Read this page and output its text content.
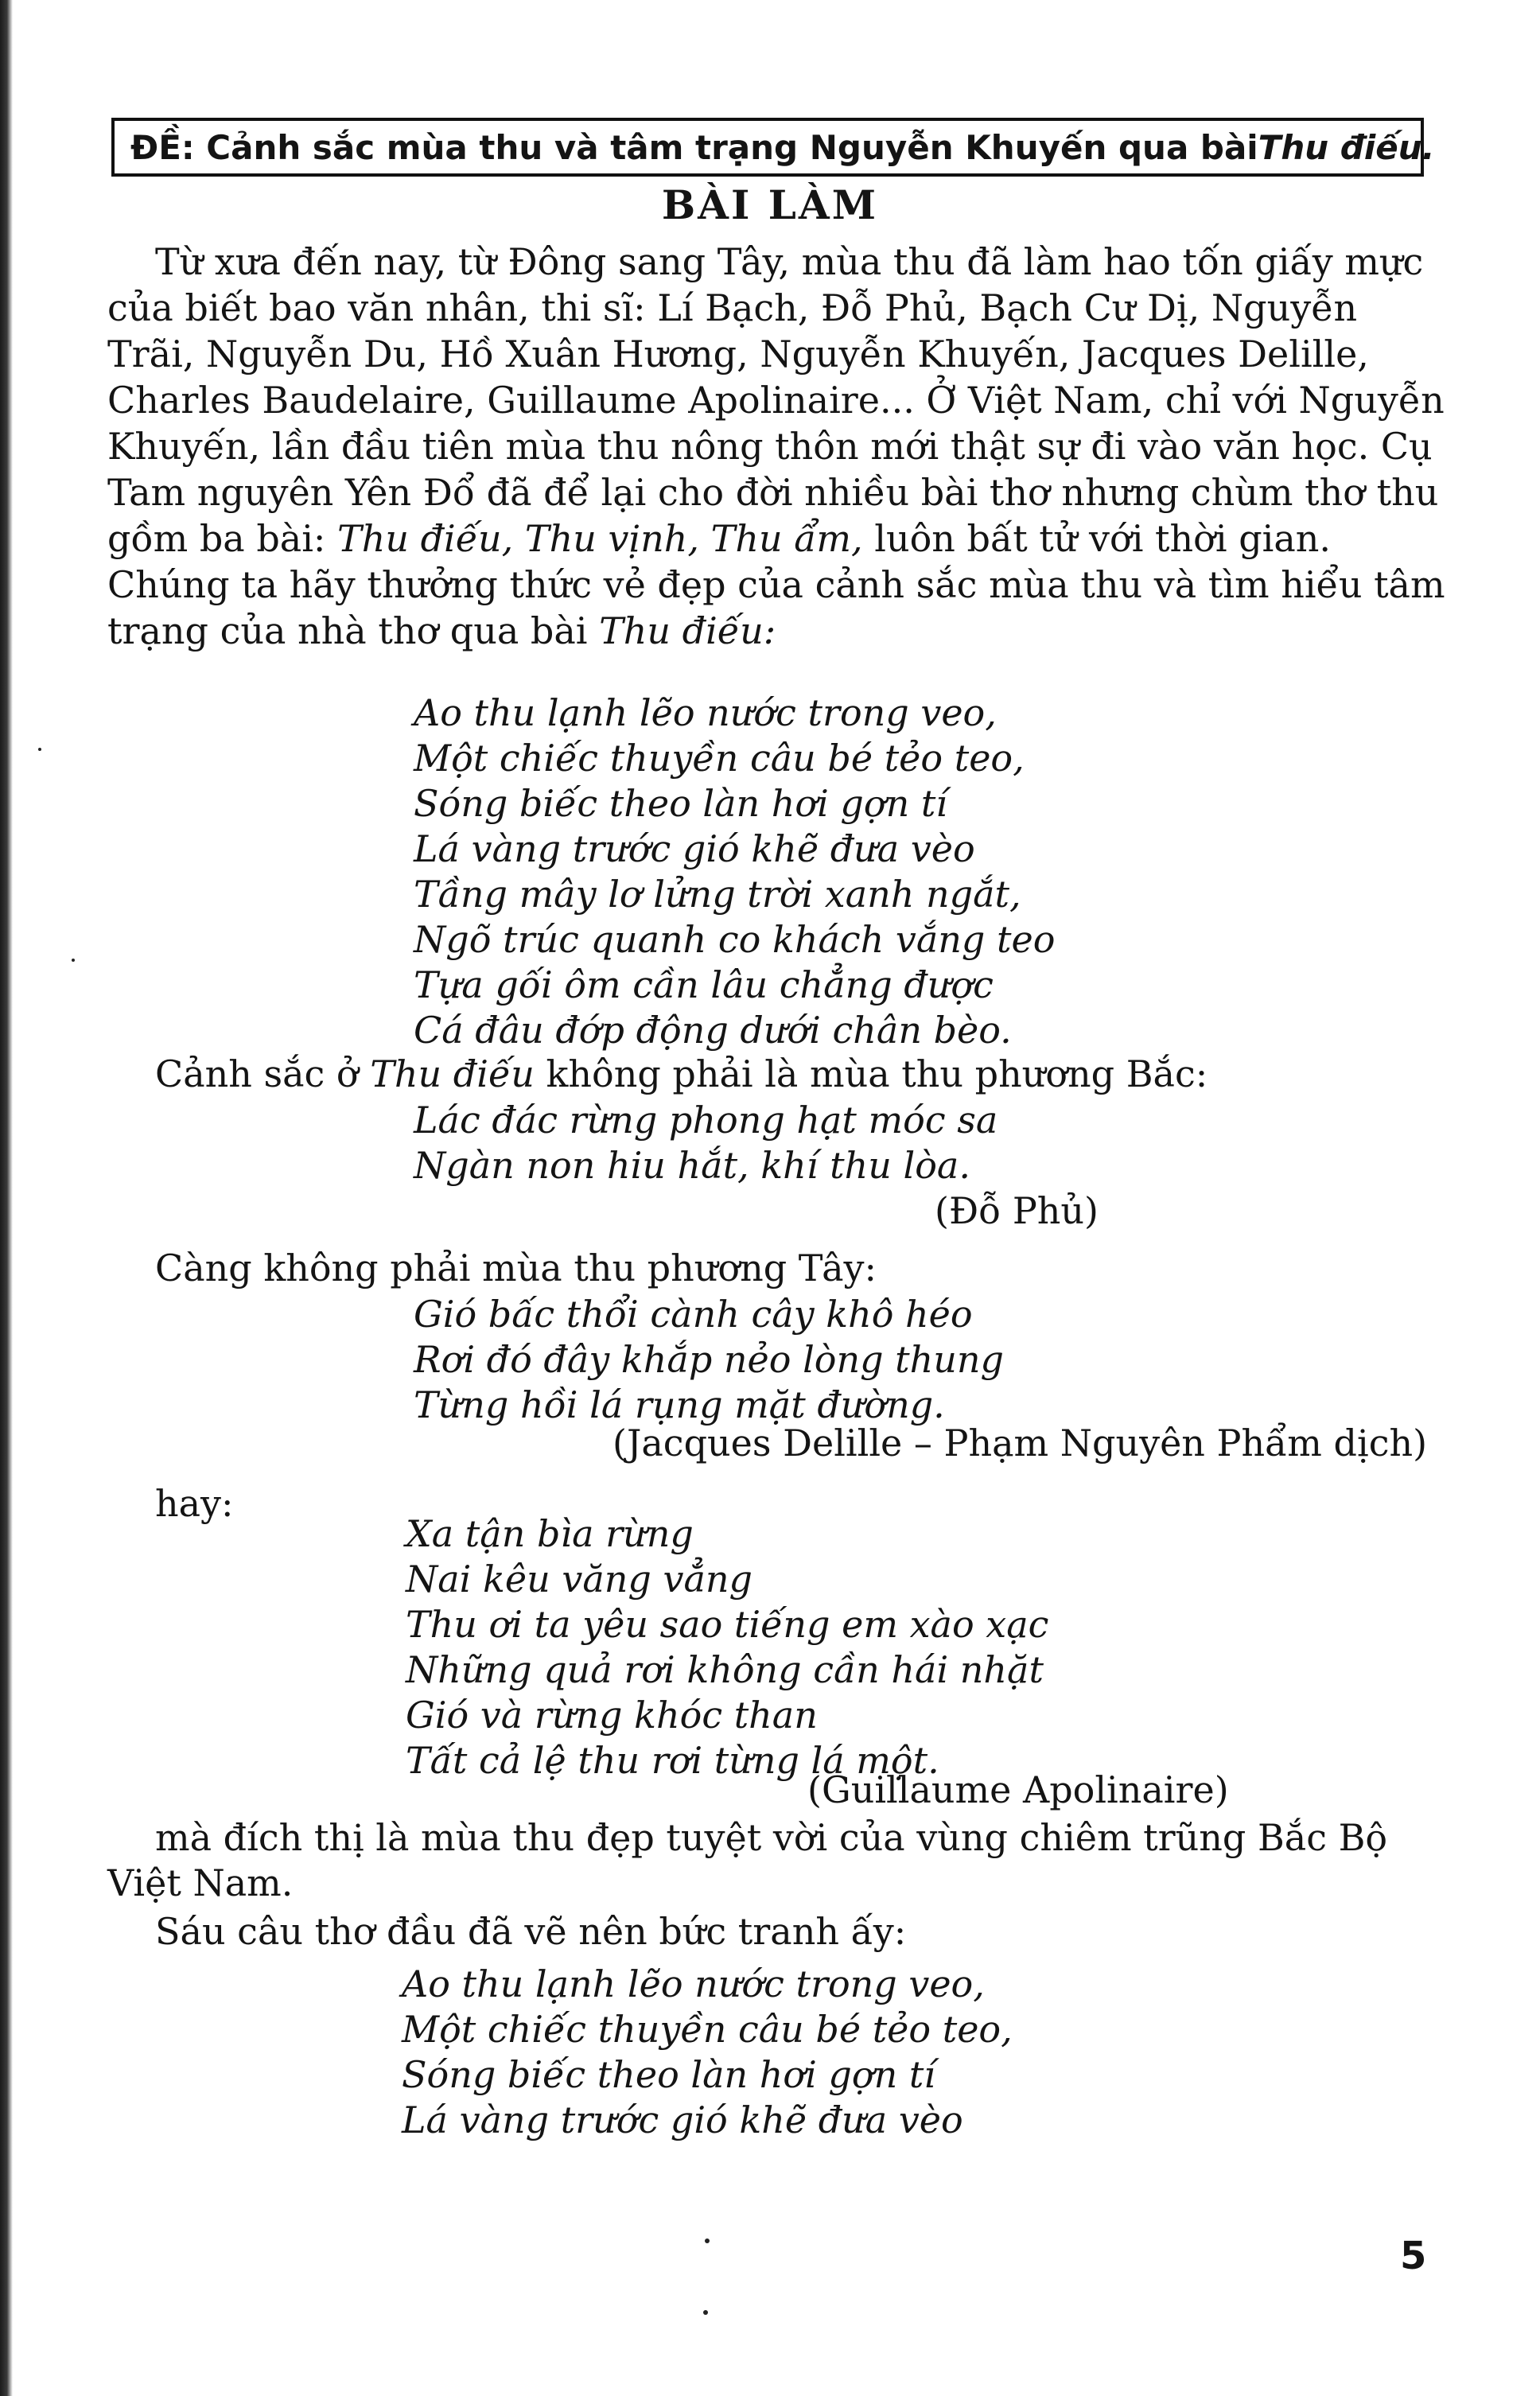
ĐỀ: Cảnh sắc mùa thu và tâm trạng Nguyễn Khuyến qua bài Thu điếu.
BÀI LÀM
Từ xưa đến nay, từ Đông sang Tây, mùa thu đã làm hao tốn giấy mực
của biết bao văn nhân, thi sĩ: Lí Bạch, Đỗ Phủ, Bạch Cư Dị, Nguyễn
Trãi, Nguyễn Du, Hồ Xuân Hương, Nguyễn Khuyến, Jacques Delille,
Charles Baudelaire, Guillaume Apolinaire... Ở Việt Nam, chỉ với Nguyễn
Khuyến, lần đầu tiên mùa thu nông thôn mới thật sự đi vào văn học. Cụ
Tam nguyên Yên Đổ đã để lại cho đời nhiều bài thơ nhưng chùm thơ thu
gồm ba bài: Thu điếu, Thu vịnh, Thu ẩm, luôn bất tử với thời gian.
Chúng ta hãy thưởng thức vẻ đẹp của cảnh sắc mùa thu và tìm hiểu tâm
trạng của nhà thơ qua bài Thu điếu:
Ao thu lạnh lẽo nước trong veo,
Một chiếc thuyền câu bé tẻo teo,
Sóng biếc theo làn hơi gợn tí
Lá vàng trước gió khẽ đưa vèo
Tầng mây lơ lửng trời xanh ngắt,
Ngõ trúc quanh co khách vắng teo
Tựa gối ôm cần lâu chẳng được
Cá đâu đớp động dưới chân bèo.
Cảnh sắc ở Thu điếu không phải là mùa thu phương Bắc:
Lác đác rừng phong hạt móc sa
Ngàn non hiu hắt, khí thu lòa.
(Đỗ Phủ)
Càng không phải mùa thu phương Tây:
Gió bấc thổi cành cây khô héo
Rơi đó đây khắp nẻo lòng thung
Từng hồi lá rụng mặt đường.
(Jacques Delille – Phạm Nguyên Phẩm dịch)
hay:
Xa tận bìa rừng
Nai kêu văng vẳng
Thu ơi ta yêu sao tiếng em xào xạc
Những quả rơi không cần hái nhặt
Gió và rừng khóc than
Tất cả lệ thu rơi từng lá một.
(Guillaume Apolinaire)
mà đích thị là mùa thu đẹp tuyệt vời của vùng chiêm trũng Bắc Bộ
Việt Nam.
Sáu câu thơ đầu đã vẽ nên bức tranh ấy:
Ao thu lạnh lẽo nước trong veo,
Một chiếc thuyền câu bé tẻo teo,
Sóng biếc theo làn hơi gợn tí
Lá vàng trước gió khẽ đưa vèo
5
